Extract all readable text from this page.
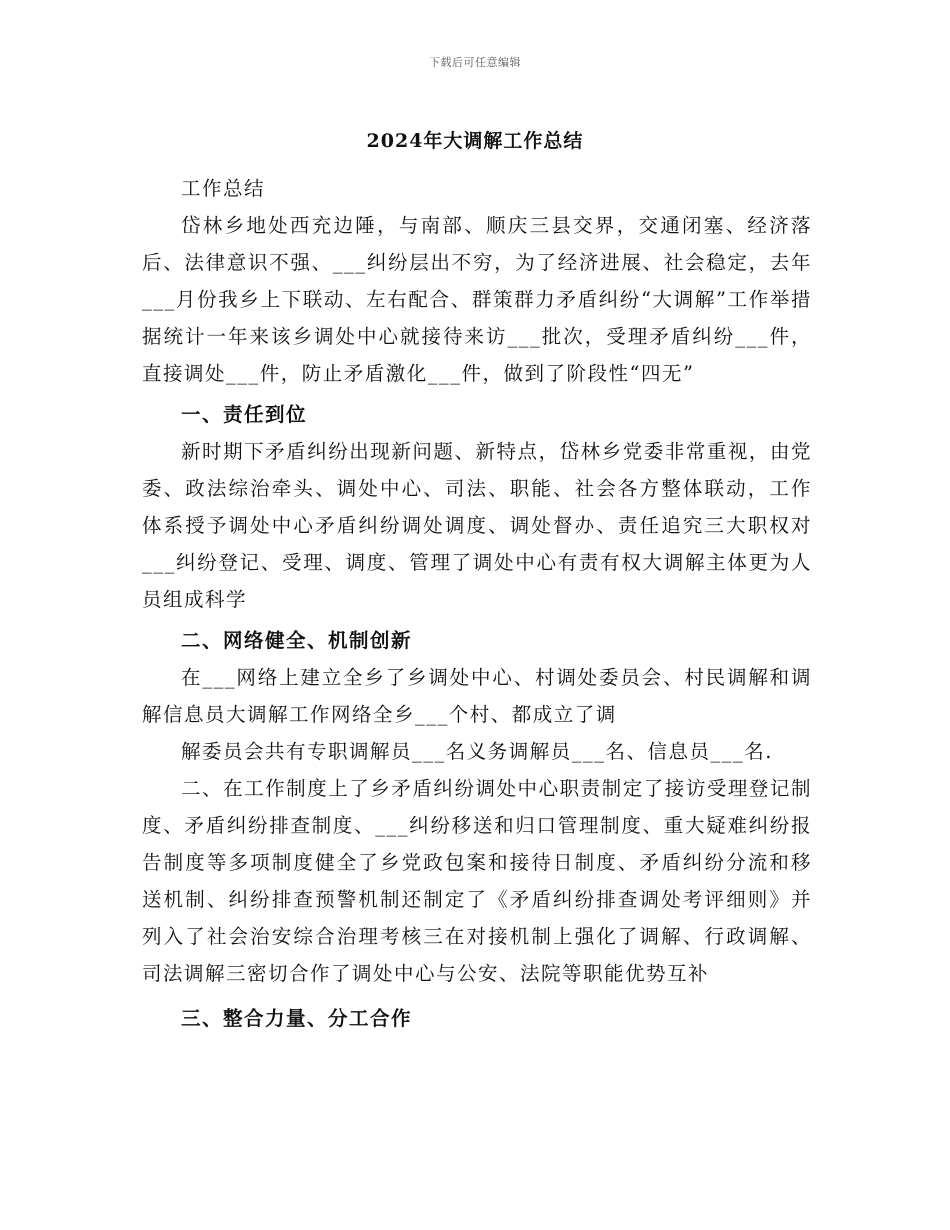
下载后可任意编辑
2024年大调解工作总结

工作总结

岱林乡地处西充边陲，与南部、顺庆三县交界，交通闭塞、经济落后、法律意识不强、___纠纷层出不穷，为了经济进展、社会稳定，去年___月份我乡上下联动、左右配合、群策群力矛盾纠纷“大调解”工作举措据统计一年来该乡调处中心就接待来访___批次，受理矛盾纠纷___件，直接调处___件，防止矛盾激化___件，做到了阶段性“四无”

一、责任到位

新时期下矛盾纠纷出现新问题、新特点，岱林乡党委非常重视，由党委、政法综治牵头、调处中心、司法、职能、社会各方整体联动，工作体系授予调处中心矛盾纠纷调处调度、调处督办、责任追究三大职权对___纠纷登记、受理、调度、管理了调处中心有责有权大调解主体更为人员组成科学

二、网络健全、机制创新

在___网络上建立全乡了乡调处中心、村调处委员会、村民调解和调解信息员大调解工作网络全乡___个村、都成立了调

解委员会共有专职调解员___名义务调解员___名、信息员___名.

二、在工作制度上了乡矛盾纠纷调处中心职责制定了接访受理登记制度、矛盾纠纷排查制度、___纠纷移送和归口管理制度、重大疑难纠纷报告制度等多项制度健全了乡党政包案和接待日制度、矛盾纠纷分流和移送机制、纠纷排查预警机制还制定了《矛盾纠纷排查调处考评细则》并列入了社会治安综合治理考核三在对接机制上强化了调解、行政调解、司法调解三密切合作了调处中心与公安、法院等职能优势互补

三、整合力量、分工合作
